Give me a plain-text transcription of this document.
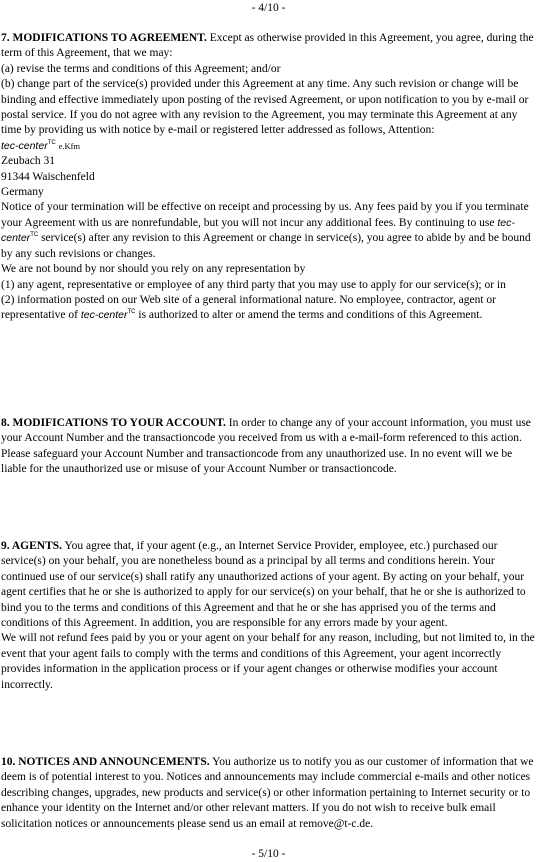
- 4/10 -

7. MODIFICATIONS TO AGREEMENT. Except as otherwise provided in this Agreement, you agree, during the term of this Agreement, that we may:

(a) revise the terms and conditions of this Agreement; and/or

(b) change part of the service(s) provided under this Agreement at any time. Any such revision or change will be binding and effective immediately upon posting of the revised Agreement, or upon notification to you by e-mail or postal service. If you do not agree with any revision to the Agreement, you may terminate this Agreement at any time by providing us with notice by e-mail or registered letter addressed as follows, Attention:

tec-center$^{TC}$ e.Kfm

Zeubach 31

91344 Waischenfeld

Germany

Notice of your termination will be effective on receipt and processing by us. Any fees paid by you if you terminate your Agreement with us are nonrefundable, but you will not incur any additional fees. By continuing to use tec-center$^{TC}$ service(s) after any revision to this Agreement or change in service(s), you agree to abide by and be bound by any such revisions or changes.

We are not bound by nor should you rely on any representation by

(1) any agent, representative or employee of any third party that you may use to apply for our service(s); or in

(2) information posted on our Web site of a general informational nature. No employee, contractor, agent or representative of tec-center$^{TC}$ is authorized to alter or amend the terms and conditions of this Agreement.

8. MODIFICATIONS TO YOUR ACCOUNT. In order to change any of your account information, you must use your Account Number and the transactioncode you received from us with a e-mail-form referenced to this action. Please safeguard your Account Number and transactioncode from any unauthorized use. In no event will we be liable for the unauthorized use or misuse of your Account Number or transactioncode.

9. AGENTS. You agree that, if your agent (e.g., an Internet Service Provider, employee, etc.) purchased our service(s) on your behalf, you are nonetheless bound as a principal by all terms and conditions herein. Your continued use of our service(s) shall ratify any unauthorized actions of your agent. By acting on your behalf, your agent certifies that he or she is authorized to apply for our service(s) on your behalf, that he or she is authorized to bind you to the terms and conditions of this Agreement and that he or she has apprised you of the terms and conditions of this Agreement. In addition, you are responsible for any errors made by your agent.

We will not refund fees paid by you or your agent on your behalf for any reason, including, but not limited to, in the event that your agent fails to comply with the terms and conditions of this Agreement, your agent incorrectly provides information in the application process or if your agent changes or otherwise modifies your account incorrectly.

10. NOTICES AND ANNOUNCEMENTS. You authorize us to notify you as our customer of information that we deem is of potential interest to you. Notices and announcements may include commercial e-mails and other notices describing changes, upgrades, new products and service(s) or other information pertaining to Internet security or to enhance your identity on the Internet and/or other relevant matters. If you do not wish to receive bulk email solicitation notices or announcements please send us an email at remove@t-c.de.

- 5/10 -
